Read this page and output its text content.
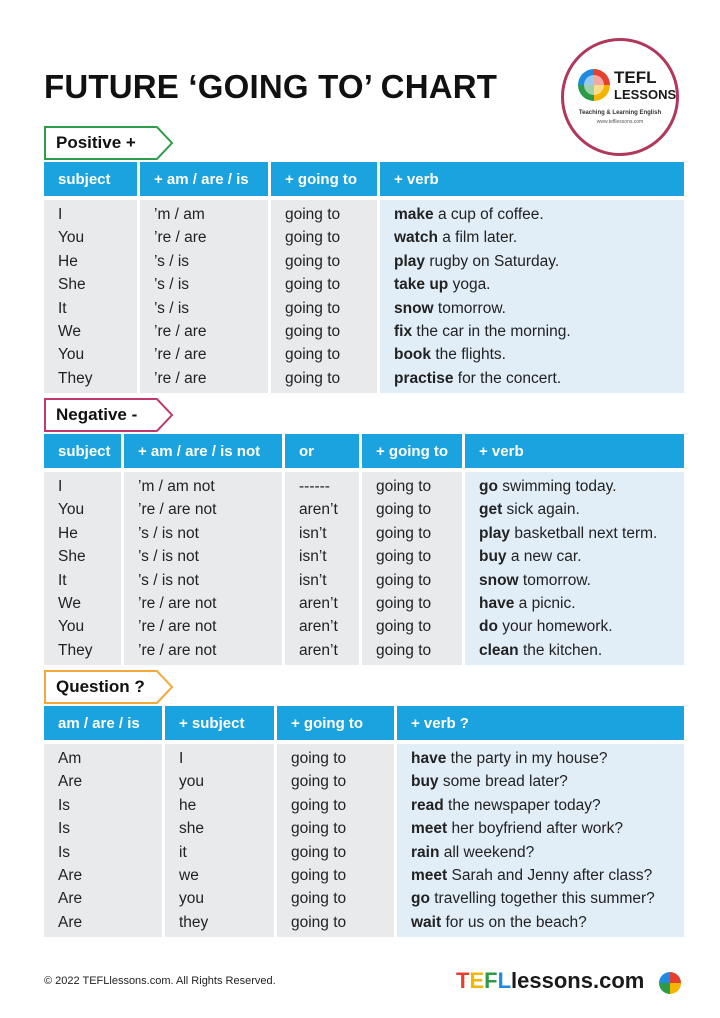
FUTURE ‘GOING TO’ CHART	TEFL
LESSONS
Teaching & Learning English
www.tefllessons.com
Positive +
subject	+ am / are / is	+ going to	+ verb
I	’m / am	going to	make a cup of coffee.
You	’re / are	going to	watch a film later.
He	’s / is	going to	play rugby on Saturday.
She	’s / is	going to	take up yoga.
It	’s / is	going to	snow tomorrow.
We	’re / are	going to	fix the car in the morning.
You	’re / are	going to	book the flights.
They	’re / are	going to	practise for the concert.
Negative -
subject	+ am / are / is not	or	+ going to	+ verb
I	’m / am not	------	going to	go swimming today.
You	’re / are not	aren’t	going to	get sick again.
He	’s / is not	isn’t	going to	play basketball next term.
She	’s / is not	isn’t	going to	buy a new car.
It	’s / is not	isn’t	going to	snow tomorrow.
We	’re / are not	aren’t	going to	have a picnic.
You	’re / are not	aren’t	going to	do your homework.
They	’re / are not	aren’t	going to	clean the kitchen.
Question ?
am / are / is	+ subject	+ going to	+ verb ?
Am	I	going to	have the party in my house?
Are	you	going to	buy some bread later?
Is	he	going to	read the newspaper today?
Is	she	going to	meet her boyfriend after work?
Is	it	going to	rain all weekend?
Are	we	going to	meet Sarah and Jenny after class?
Are	you	going to	go travelling together this summer?
Are	they	going to	wait for us on the beach?
© 2022 TEFLlessons.com. All Rights Reserved.	TEFLlessons.com
